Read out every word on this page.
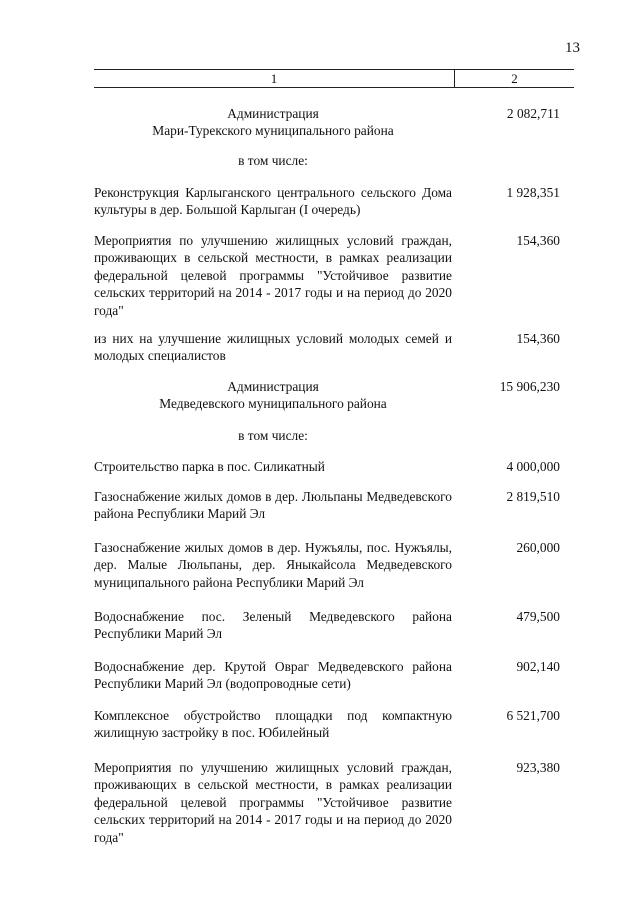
13
1	2
Администрация
Мари-Турекского муниципального района
2 082,711
в том числе:
Реконструкция Карлыганского центрального сельского Дома культуры в дер. Большой Карлыган (I очередь)
1 928,351
Мероприятия по улучшению жилищных условий граждан, проживающих в сельской местности, в рамках реализации федеральной целевой программы "Устойчивое развитие сельских территорий на 2014 - 2017 годы и на период до 2020 года"
154,360
из них на улучшение жилищных условий молодых семей и молодых специалистов
154,360
Администрация
Медведевского муниципального района
15 906,230
в том числе:
Строительство парка в пос. Силикатный	4 000,000
Газоснабжение жилых домов в дер. Люльпаны Медведевского района Республики Марий Эл
2 819,510
Газоснабжение жилых домов в дер. Нужъялы, пос. Нужъялы, дер. Малые Люльпаны, дер. Яныкайсола Медведевского муниципального района Республики Марий Эл
260,000
Водоснабжение пос. Зеленый Медведевского района Республики Марий Эл
479,500
Водоснабжение дер. Крутой Овраг Медведевского района Республики Марий Эл (водопроводные сети)
902,140
Комплексное обустройство площадки под компактную жилищную застройку в пос. Юбилейный
6 521,700
Мероприятия по улучшению жилищных условий граждан, проживающих в сельской местности, в рамках реализации федеральной целевой программы "Устойчивое развитие сельских территорий на 2014 - 2017 годы и на период до 2020 года"
923,380
